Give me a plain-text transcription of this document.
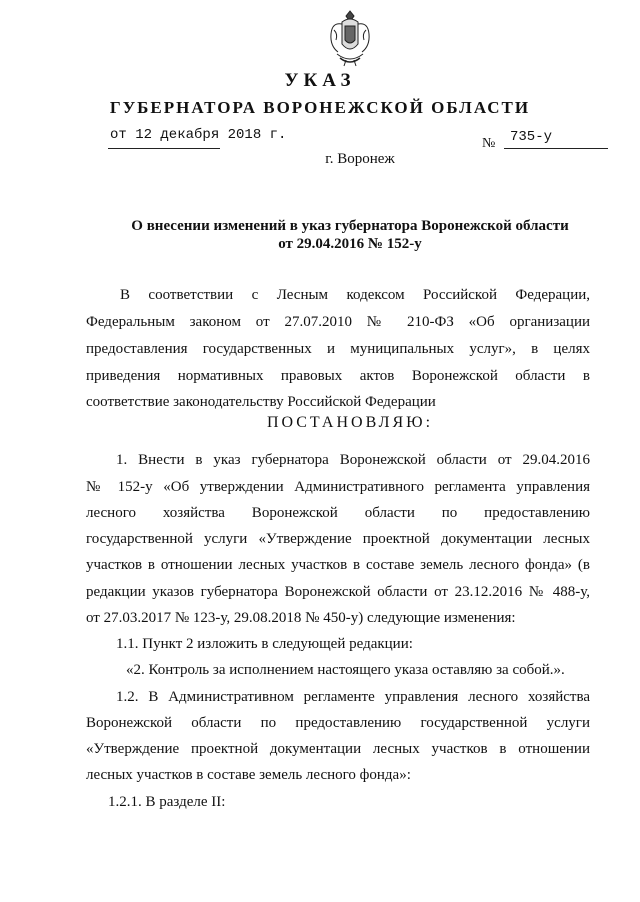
УКАЗ
ГУБЕРНАТОРА ВОРОНЕЖСКОЙ ОБЛАСТИ
от 12 декабря 2018 г.
№ 735-у
г. Воронеж
О внесении изменений в указ губернатора Воронежской области
от 29.04.2016 № 152-у
В соответствии с Лесным кодексом Российской Федерации,
Федеральным законом от 27.07.2010 № 210-ФЗ «Об организации
предоставления государственных и муниципальных услуг», в целях
приведения нормативных правовых актов Воронежской области в
соответствие законодательству Российской Федерации
ПОСТАНОВЛЯЮ:
1. Внести в указ губернатора Воронежской области от 29.04.2016
№ 152-у «Об утверждении Административного регламента управления
лесного хозяйства Воронежской области по предоставлению
государственной услуги «Утверждение проектной документации лесных
участков в отношении лесных участков в составе земель лесного фонда» (в
редакции указов губернатора Воронежской области от 23.12.2016 № 488-у,
от 27.03.2017 № 123-у, 29.08.2018 № 450-у) следующие изменения:
1.1. Пункт 2 изложить в следующей редакции:
«2. Контроль за исполнением настоящего указа оставляю за собой.».
1.2. В Административном регламенте управления лесного хозяйства
Воронежской области по предоставлению государственной услуги
«Утверждение проектной документации лесных участков в отношении
лесных участков в составе земель лесного фонда»:
1.2.1. В разделе II:
